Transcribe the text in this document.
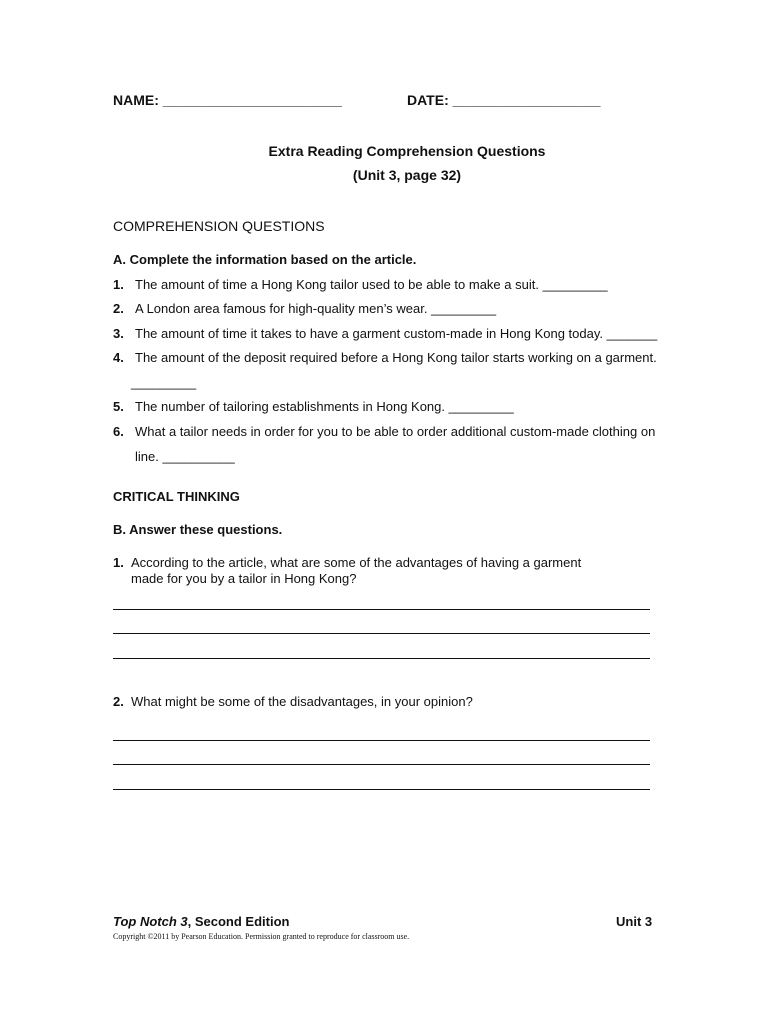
NAME: _______________________	DATE: ___________________
Extra Reading Comprehension Questions
(Unit 3, page 32)
COMPREHENSION QUESTIONS
A. Complete the information based on the article.
1. The amount of time a Hong Kong tailor used to be able to make a suit. _________
2. A London area famous for high-quality men’s wear. _________
3. The amount of time it takes to have a garment custom-made in Hong Kong today. _______
4. The amount of the deposit required before a Hong Kong tailor starts working on a garment.
_________
5. The number of tailoring establishments in Hong Kong. _________
6. What a tailor needs in order for you to be able to order additional custom-made clothing on
line. __________
CRITICAL THINKING
B. Answer these questions.
1. According to the article, what are some of the advantages of having a garment
made for you by a tailor in Hong Kong?
2. What might be some of the disadvantages, in your opinion?
Top Notch 3, Second Edition	Unit 3
Copyright ©2011 by Pearson Education. Permission granted to reproduce for classroom use.
